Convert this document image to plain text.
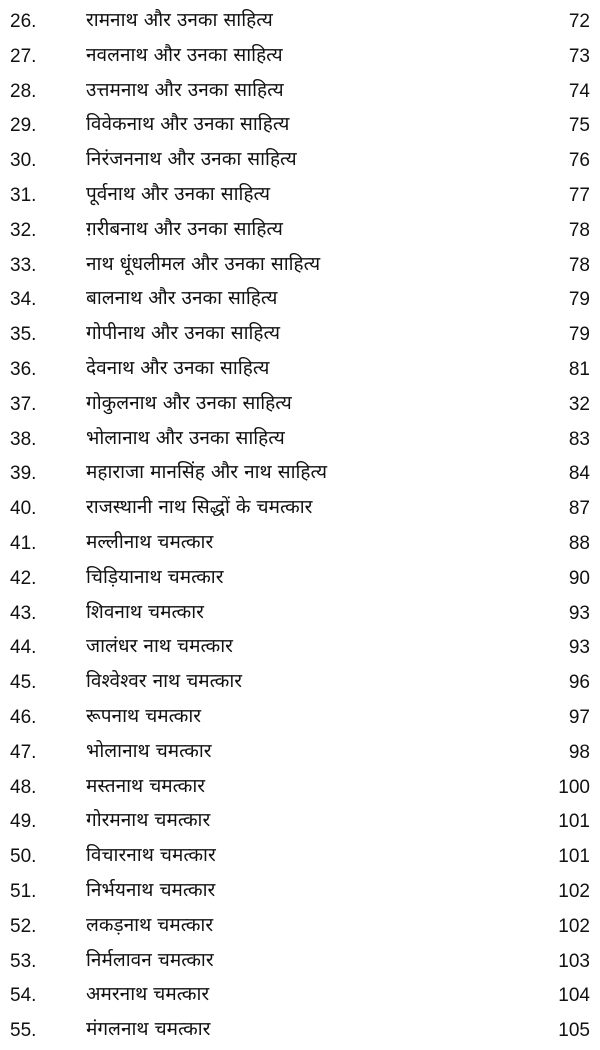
26.	रामनाथ और उनका साहित्य	72
27.	नवलनाथ और उनका साहित्य	73
28.	उत्तमनाथ और उनका साहित्य	74
29.	विवेकनाथ और उनका साहित्य	75
30.	निरंजननाथ और उनका साहित्य	76
31.	पूर्वनाथ और उनका साहित्य	77
32.	ग़रीबनाथ और उनका साहित्य	78
33.	नाथ धूंधलीमल और उनका साहित्य	78
34.	बालनाथ और उनका साहित्य	79
35.	गोपीनाथ और उनका साहित्य	79
36.	देवनाथ और उनका साहित्य	81
37.	गोकुलनाथ और उनका साहित्य	32
38.	भोलानाथ और उनका साहित्य	83
39.	महाराजा मानसिंह और नाथ साहित्य	84
40.	राजस्थानी नाथ सिद्धों के चमत्कार	87
41.	मल्लीनाथ चमत्कार	88
42.	चिड़ियानाथ चमत्कार	90
43.	शिवनाथ चमत्कार	93
44.	जालंधर नाथ चमत्कार	93
45.	विश्वेश्वर नाथ चमत्कार	96
46.	रूपनाथ चमत्कार	97
47.	भोलानाथ चमत्कार	98
48.	मस्तनाथ चमत्कार	100
49.	गोरमनाथ चमत्कार	101
50.	विचारनाथ चमत्कार	101
51.	निर्भयनाथ चमत्कार	102
52.	लकड़नाथ चमत्कार	102
53.	निर्मलावन चमत्कार	103
54.	अमरनाथ चमत्कार	104
55.	मंगलनाथ चमत्कार	105
